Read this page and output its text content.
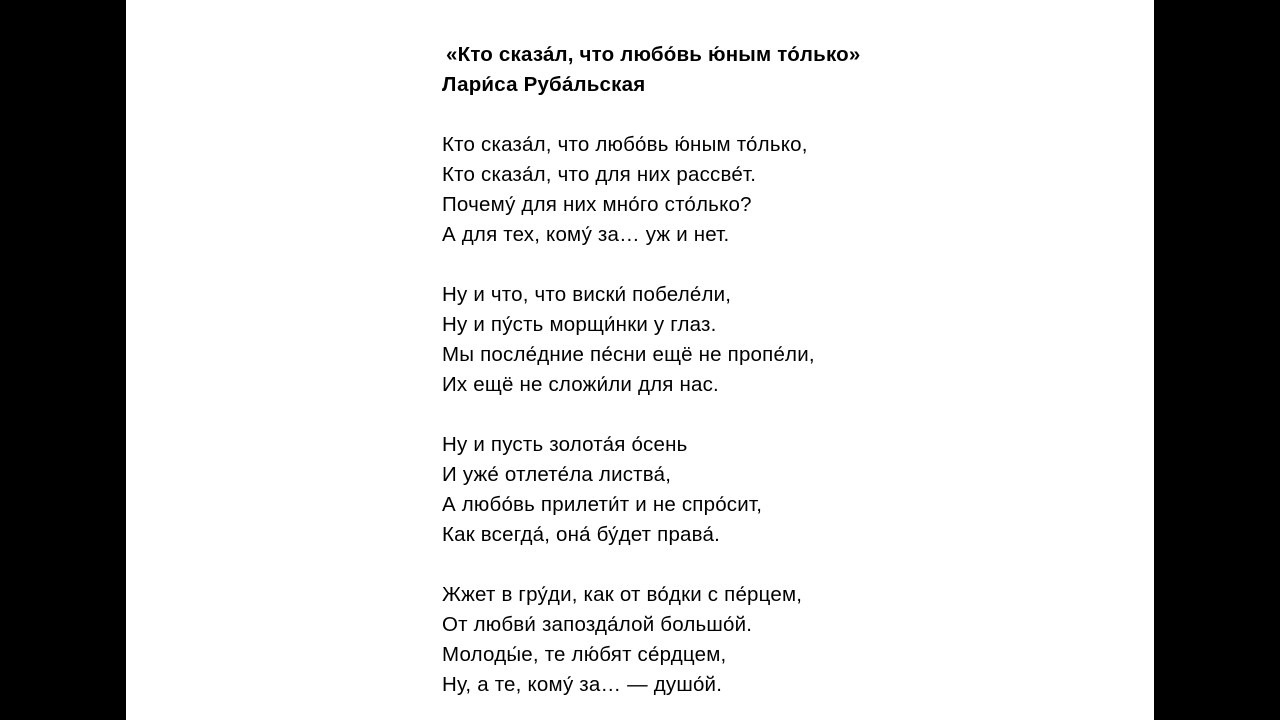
«Кто сказа́л, что любо́вь ю́ным то́лько»
Лари́са Руба́льская
Кто сказа́л, что любо́вь ю́ным то́лько,
Кто сказа́л, что для них рассве́т.
Почему́ для них мно́го сто́лько?
А для тех, кому́ за… уж и нет.
Ну и что, что виски́ побеле́ли,
Ну и пу́сть морщи́нки у глаз.
Мы после́дние пе́сни ещё не пропе́ли,
Их ещё не сложи́ли для нас.
Ну и пусть золота́я о́сень
И уже́ отлете́ла листва́,
А любо́вь прилети́т и не спро́сит,
Как всегда́, она́ бу́дет права́.
Жжет в гру́ди, как от во́дки с пе́рцем,
От любви́ запозда́лой большо́й.
Молоды́е, те лю́бят се́рдцем,
Ну, а те, кому́ за… — душо́й.
